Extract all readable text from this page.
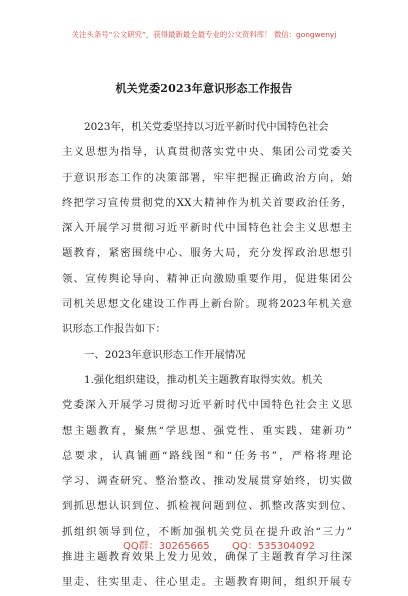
关注头条号“公文研究”，获得最新最全最专业的公文资料库！ 微信：gongwenyj
机关党委2023年意识形态工作报告
2023年，机关党委坚持以习近平新时代中国特色社会
主义思想为指导，认真贯彻落实党中央、集团公司党委关
于意识形态工作的决策部署，牢牢把握正确政治方向，始
终把学习宣传贯彻党的XX大精神作为机关首要政治任务，
深入开展学习贯彻习近平新时代中国特色社会主义思想主
题教育，紧密围绕中心、服务大局，充分发挥政治思想引
领、宣传舆论导向、精神正向激励重要作用，促进集团公
司机关思想文化建设工作再上新台阶。现将2023年机关意
识形态工作报告如下：
一、2023年意识形态工作开展情况
1.强化组织建设，推动机关主题教育取得实效。机关
党委深入开展学习贯彻习近平新时代中国特色社会主义思
想主题教育，聚焦“学思想、强党性、重实践、建新功”
总要求，认真铺画“路线图”和“任务书”，严格将理论
学习、调查研究、整治整改、推动发展贯穿始终，切实做
到抓思想认识到位、抓检视问题到位、抓整改落实到位、
抓组织领导到位，不断加强机关党员在提升政治“三力”
推进主题教育效果上发力见效，确保了主题教育学习往深
里走、往实里走、往心里走。主题教育期间，组织开展专
QQ群：30265665 QQ：535304092
